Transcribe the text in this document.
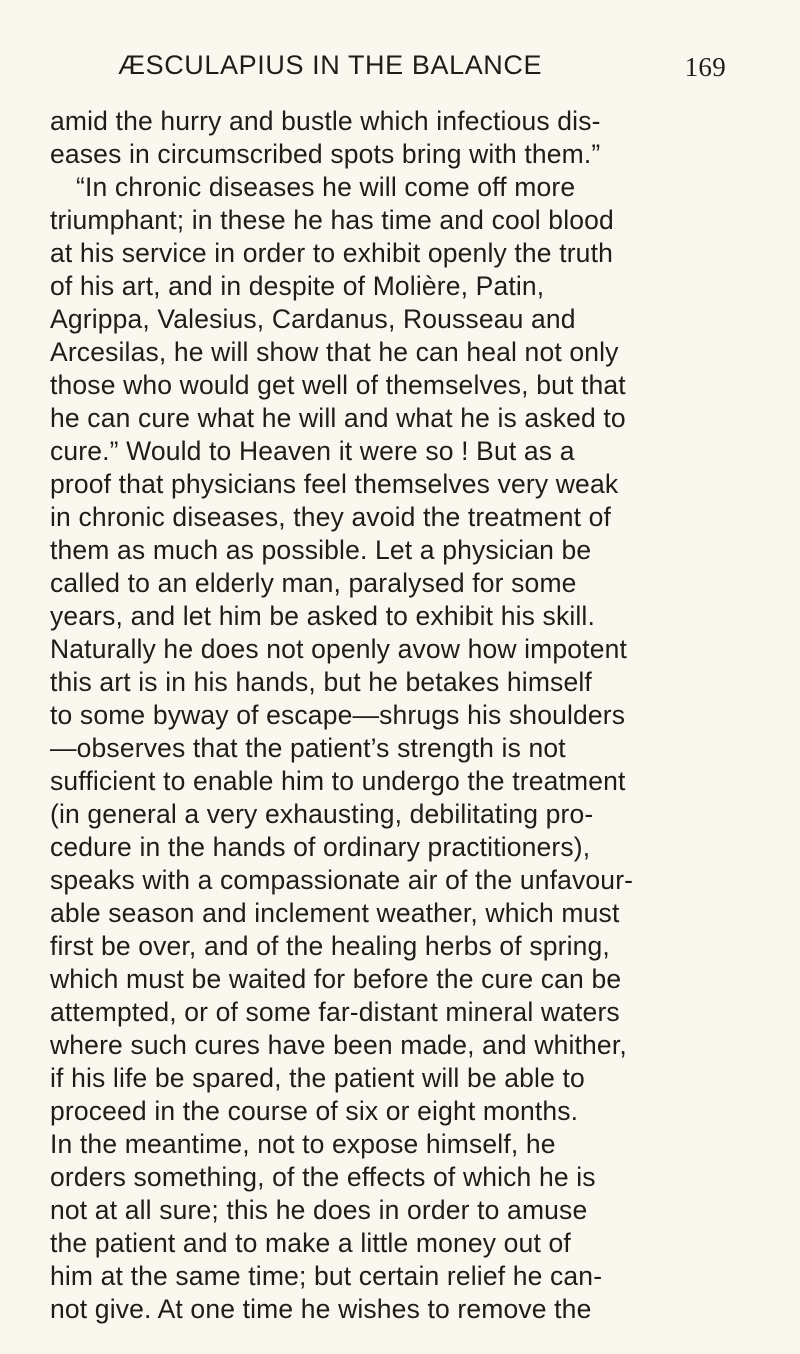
ÆSCULAPIUS IN THE BALANCE	169
amid the hurry and bustle which infectious dis-
eases in circumscribed spots bring with them.”
“In chronic diseases he will come off more
triumphant; in these he has time and cool blood
at his service in order to exhibit openly the truth
of his art, and in despite of Molière, Patin,
Agrippa, Valesius, Cardanus, Rousseau and
Arcesilas, he will show that he can heal not only
those who would get well of themselves, but that
he can cure what he will and what he is asked to
cure.” Would to Heaven it were so ! But as a
proof that physicians feel themselves very weak
in chronic diseases, they avoid the treatment of
them as much as possible. Let a physician be
called to an elderly man, paralysed for some
years, and let him be asked to exhibit his skill.
Naturally he does not openly avow how impotent
this art is in his hands, but he betakes himself
to some byway of escape—shrugs his shoulders
—observes that the patient’s strength is not
sufficient to enable him to undergo the treatment
(in general a very exhausting, debilitating pro-
cedure in the hands of ordinary practitioners),
speaks with a compassionate air of the unfavour-
able season and inclement weather, which must
first be over, and of the healing herbs of spring,
which must be waited for before the cure can be
attempted, or of some far-distant mineral waters
where such cures have been made, and whither,
if his life be spared, the patient will be able to
proceed in the course of six or eight months.
In the meantime, not to expose himself, he
orders something, of the effects of which he is
not at all sure; this he does in order to amuse
the patient and to make a little money out of
him at the same time; but certain relief he can-
not give. At one time he wishes to remove the
